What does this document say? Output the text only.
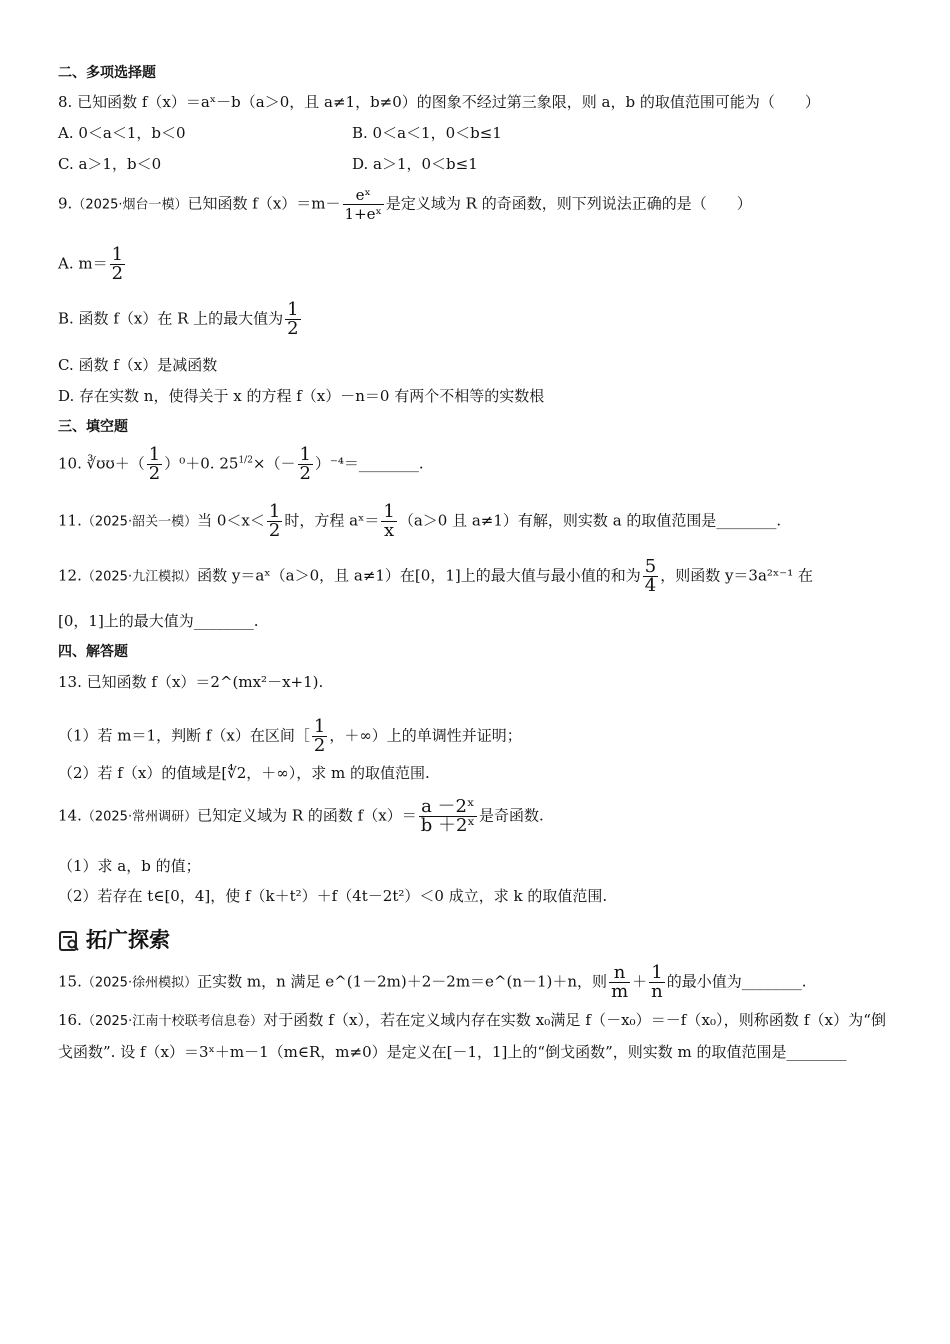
二、多项选择题
8. 已知函数 f（x）＝aˣ－b（a＞0，且 a≠1，b≠0）的图象不经过第三象限，则 a，b 的取值范围可能为（　　）
A. 0＜a＜1，b＜0	B. 0＜a＜1，0＜b≤1
C. a＞1，b＜0	D. a＞1，0＜b≤1
9.（2025·烟台一模）已知函数 $f(x)=m- \frac{\text{eˣ}}{\text{1+eˣ}}$ 是定义域为 R 的奇函数，则下列说法正确的是（　　）
A. $m= \frac{1}{2}$
B. 函数 f（x）在 R 上的最大值为 $\frac{1}{2}$
C. 函数 f（x）是减函数
D. 存在实数 n，使得关于 x 的方程 f（x）－n＝0 有两个不相等的实数根
三、填空题
10. ∛ʊʊ＋（ $\frac{1}{2} )^0+0$. $25^{1/2}\times(- \frac{1}{2}$ ）⁻⁴＝________.
11.（2025·韶关一模）当 $0<x< \frac{1}{2}$ 时，方程 aˣ＝ $\frac{1}{x} (a>0$ 且 a≠1）有解，则实数 a 的取值范围是________.
12.（2025·九江模拟）函数 y＝aˣ（a＞0，且 a≠1）在[0，1]上的最大值与最小值的和为 $\frac{5}{4}$ ，则函数 y＝3a²ˣ⁻¹ 在
[0，1]上的最大值为________.
四、解答题
13. 已知函数 f（x）＝2^(mx²－x+1).
（1）若 m＝1，判断 f（x）在区间［ $\frac{1}{2}$ ，＋∞）上的单调性并证明；
（2）若 f（x）的值域是[∜2，＋∞），求 m 的取值范围.
14.（2025·常州调研）已知定义域为 R 的函数 $f(x)= \frac{\text{a －2ˣ}}{\text{b ＋2ˣ}}$ 是奇函数.
（1）求 a，b 的值；
（2）若存在 t∈[0，4]，使 f（k＋t²）＋f（4t－2t²）＜0 成立，求 k 的取值范围.
拓广探索
15.（2025·徐州模拟）正实数 m，n 满足 e^(1－2m)＋2－2m＝e^(n－1)＋n，则 $\frac{n}{m} + \frac{1}{n}$ 的最小值为________.
16.（2025·江南十校联考信息卷）对于函数 f（x），若在定义域内存在实数 x₀满足 f（－x₀）＝－f（x₀），则称函数 f（x）为“倒戈函数”. 设 f（x）＝3ˣ＋m－1（m∈R，m≠0）是定义在[－1，1]上的“倒戈函数”，则实数 m 的取值范围是________
